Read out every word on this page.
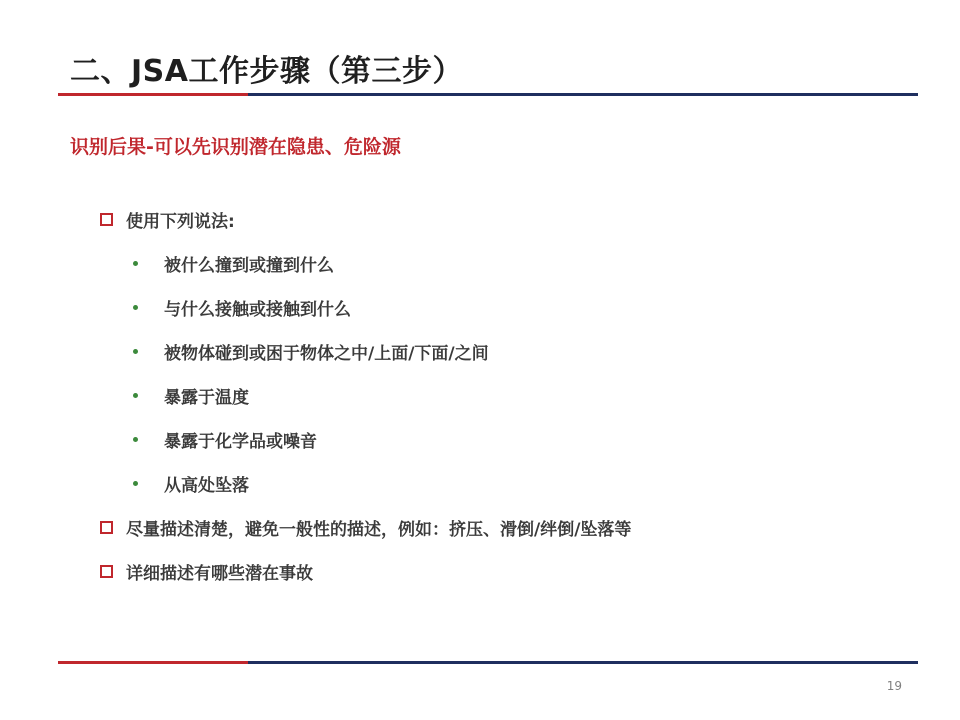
二、JSA工作步骤（第三步）
识别后果-可以先识别潜在隐患、危险源
使用下列说法:
被什么撞到或撞到什么
与什么接触或接触到什么
被物体碰到或困于物体之中/上面/下面/之间
暴露于温度
暴露于化学品或噪音
从高处坠落
尽量描述清楚，避免一般性的描述，例如：挤压、滑倒/绊倒/坠落等
详细描述有哪些潜在事故
19
